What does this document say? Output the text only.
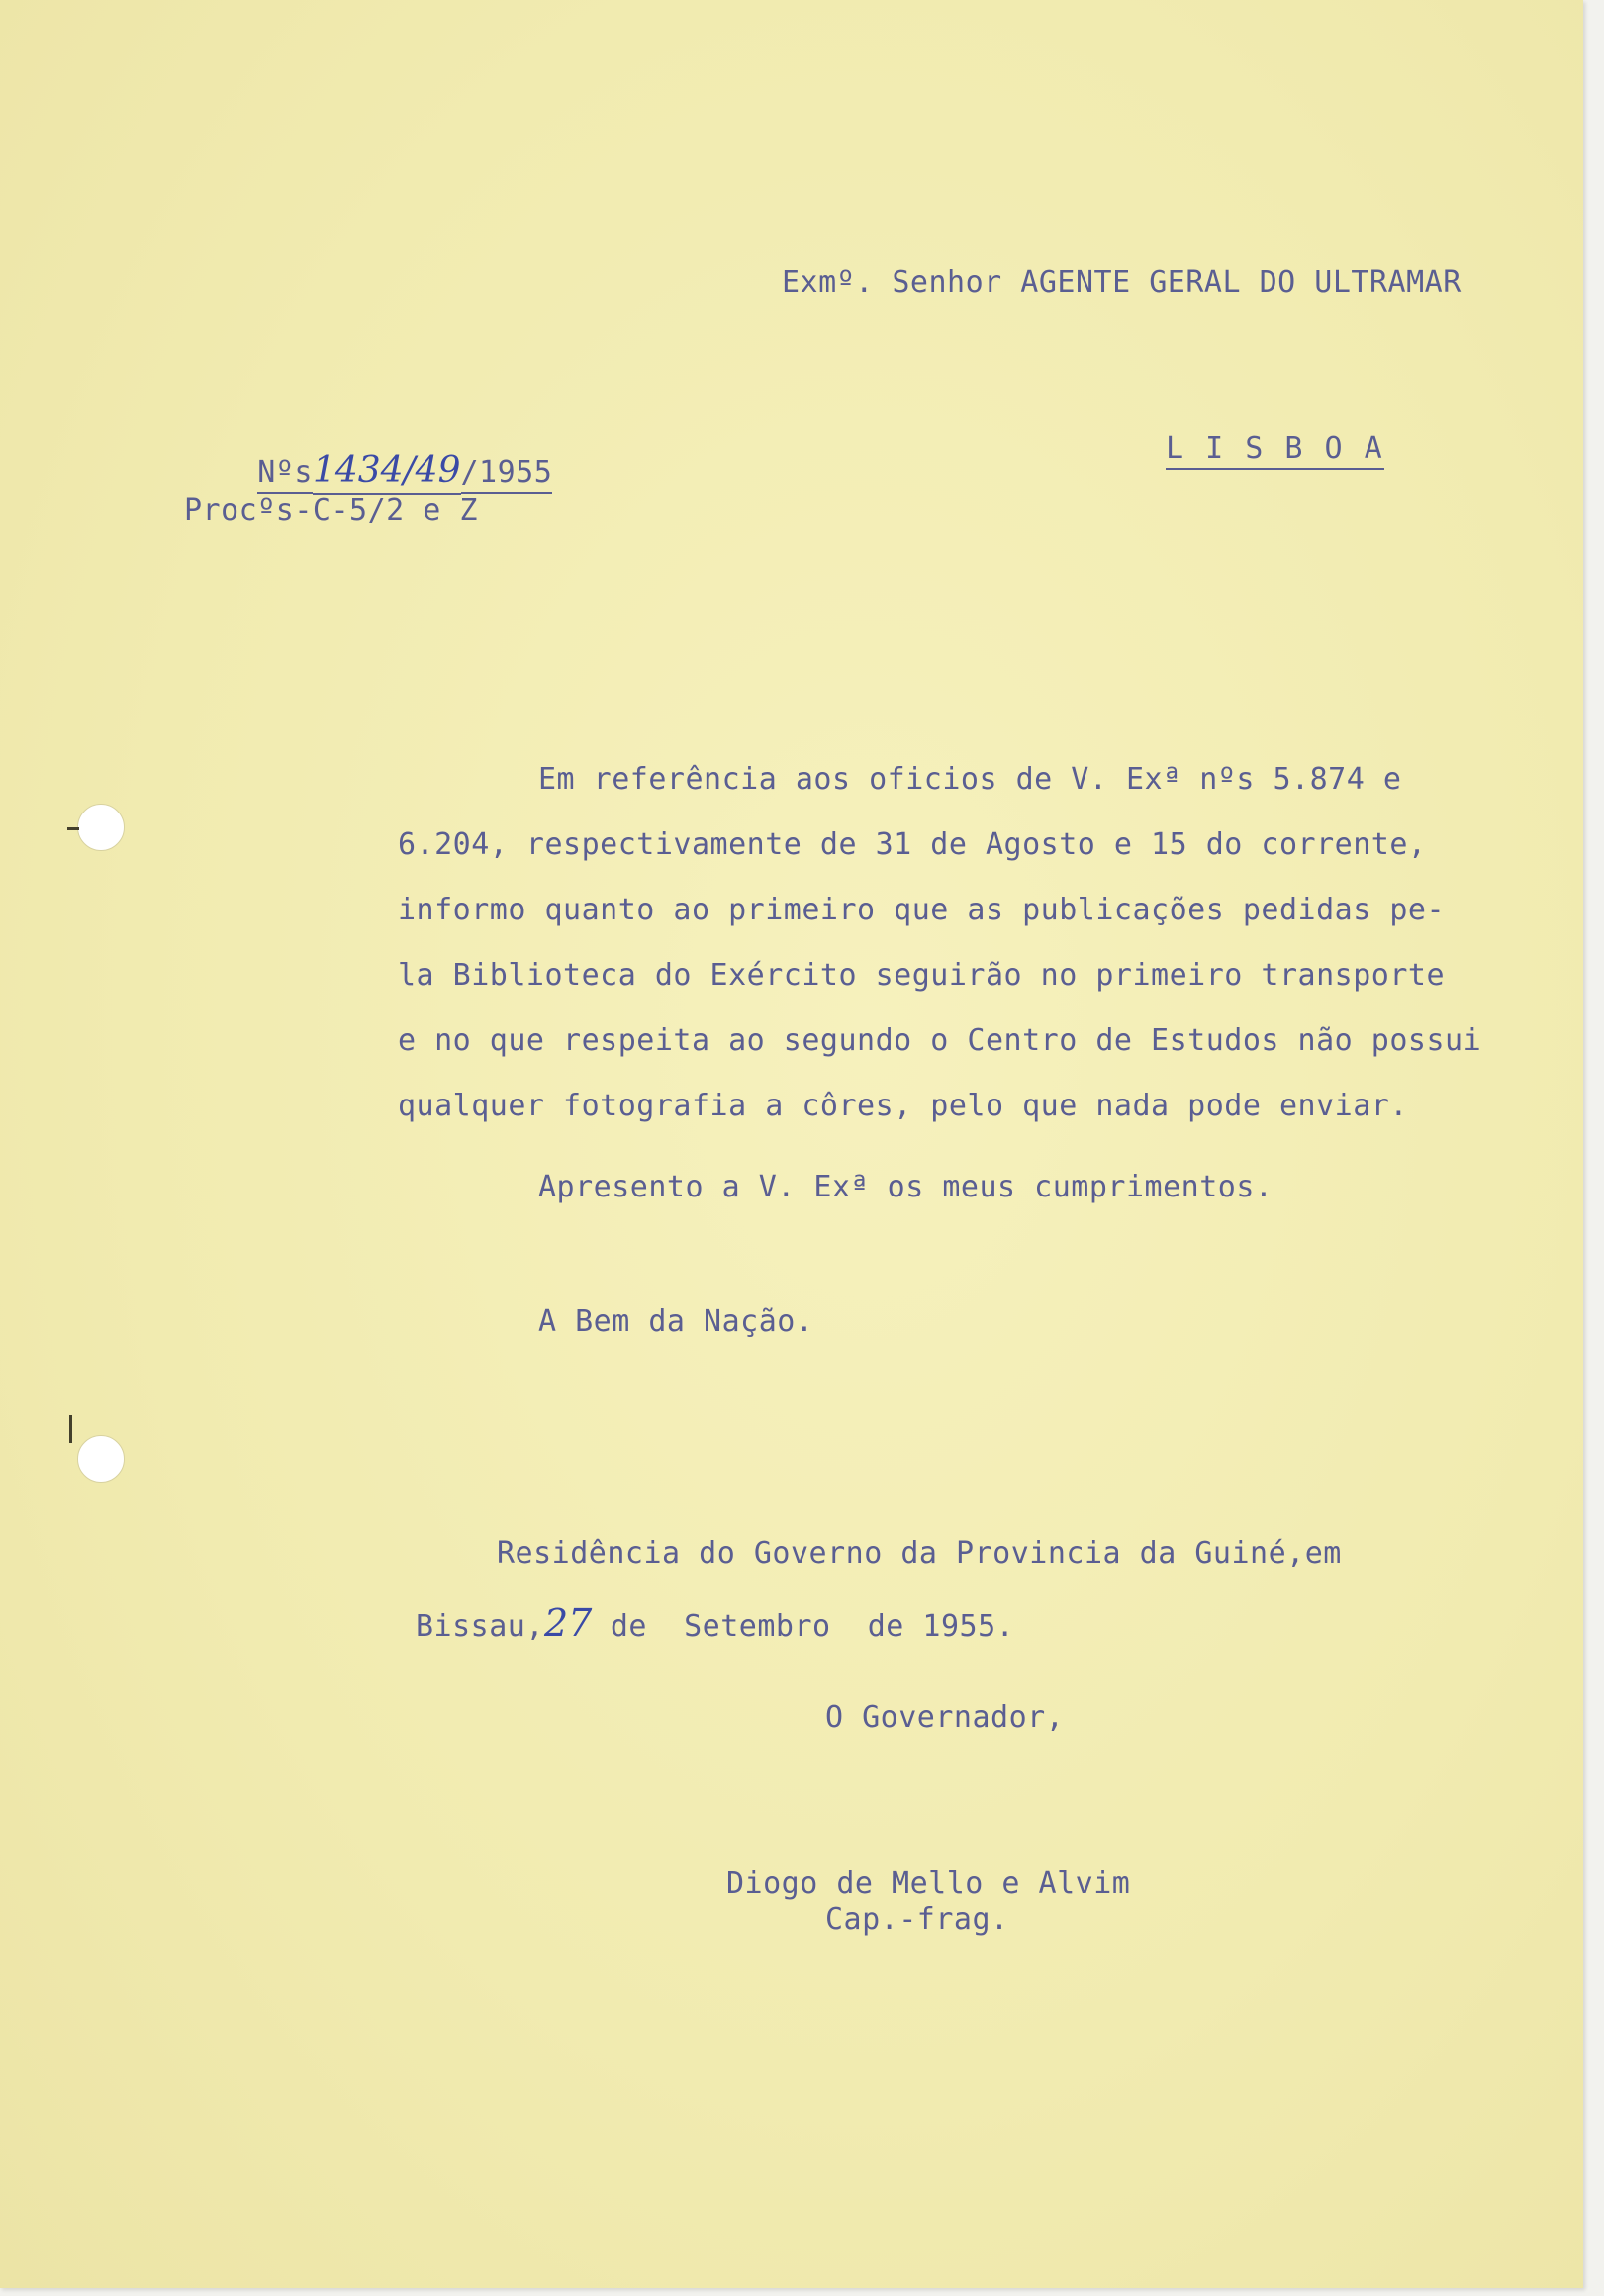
Exmº. Senhor AGENTE GERAL DO ULTRAMAR

Nºs1434/49/1955

L I S B O A

Procºs-C-5/2 e Z

Em referência aos oficios de V. Exª nºs 5.874 e

6.204, respectivamente de 31 de Agosto e 15 do corrente,

informo quanto ao primeiro que as publicações pedidas pe-

la Biblioteca do Exército seguirão no primeiro transporte

e no que respeita ao segundo o Centro de Estudos não possui

qualquer fotografia a côres, pelo que nada pode enviar.

Apresento a V. Exª os meus cumprimentos.

A Bem da Nação.

Residência do Governo da Provincia da Guiné,em

Bissau,27 de  Setembro  de 1955.

O Governador,

Diogo de Mello e Alvim

Cap.-frag.
